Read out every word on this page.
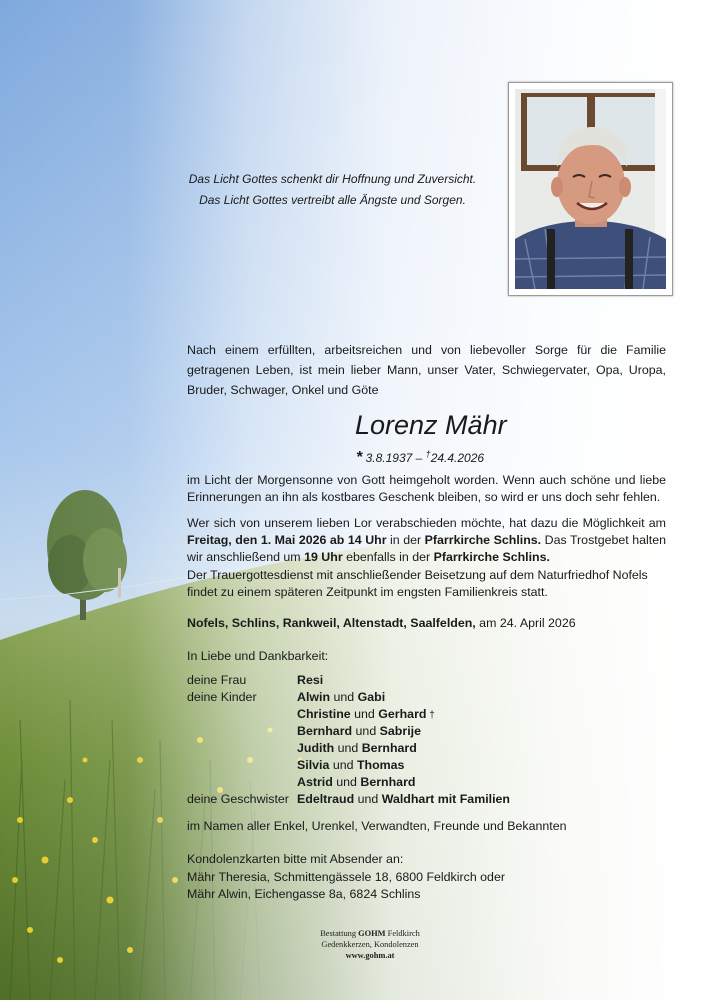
Das Licht Gottes schenkt dir Hoffnung und Zuversicht.
Das Licht Gottes vertreibt alle Ängste und Sorgen.
Nach einem erfüllten, arbeitsreichen und von liebevoller Sorge für die Familie getragenen Leben, ist mein lieber Mann, unser Vater, Schwiegervater, Opa, Uropa, Bruder, Schwager, Onkel und Göte
Lorenz Mähr
* 3.8.1937 – †24.4.2026
im Licht der Morgensonne von Gott heimgeholt worden. Wenn auch schöne und liebe Erinnerungen an ihn als kostbares Geschenk bleiben, so wird er uns doch sehr fehlen.
Wer sich von unserem lieben Lor verabschieden möchte, hat dazu die Möglichkeit am Freitag, den 1. Mai 2026 ab 14 Uhr in der Pfarrkirche Schlins. Das Trostgebet halten wir anschließend um 19 Uhr ebenfalls in der Pfarrkirche Schlins.
Der Trauergottesdienst mit anschließender Beisetzung auf dem Naturfriedhof Nofels findet zu einem späteren Zeitpunkt im engsten Familienkreis statt.
Nofels, Schlins, Rankweil, Altenstadt, Saalfelden, am 24. April 2026
In Liebe und Dankbarkeit:
deine Frau	Resi
deine Kinder	Alwin und Gabi
Christine und Gerhard †
Bernhard und Sabrije
Judith und Bernhard
Silvia und Thomas
Astrid und Bernhard
deine Geschwister Edeltraud und Waldhart mit Familien
im Namen aller Enkel, Urenkel, Verwandten, Freunde und Bekannten
Kondolenzkarten bitte mit Absender an:
Mähr Theresia, Schmittengässele 18, 6800 Feldkirch oder
Mähr Alwin, Eichengasse 8a, 6824 Schlins
Bestattung GOHM Feldkirch
Gedenkkerzen, Kondolenzen www.gohm.at
